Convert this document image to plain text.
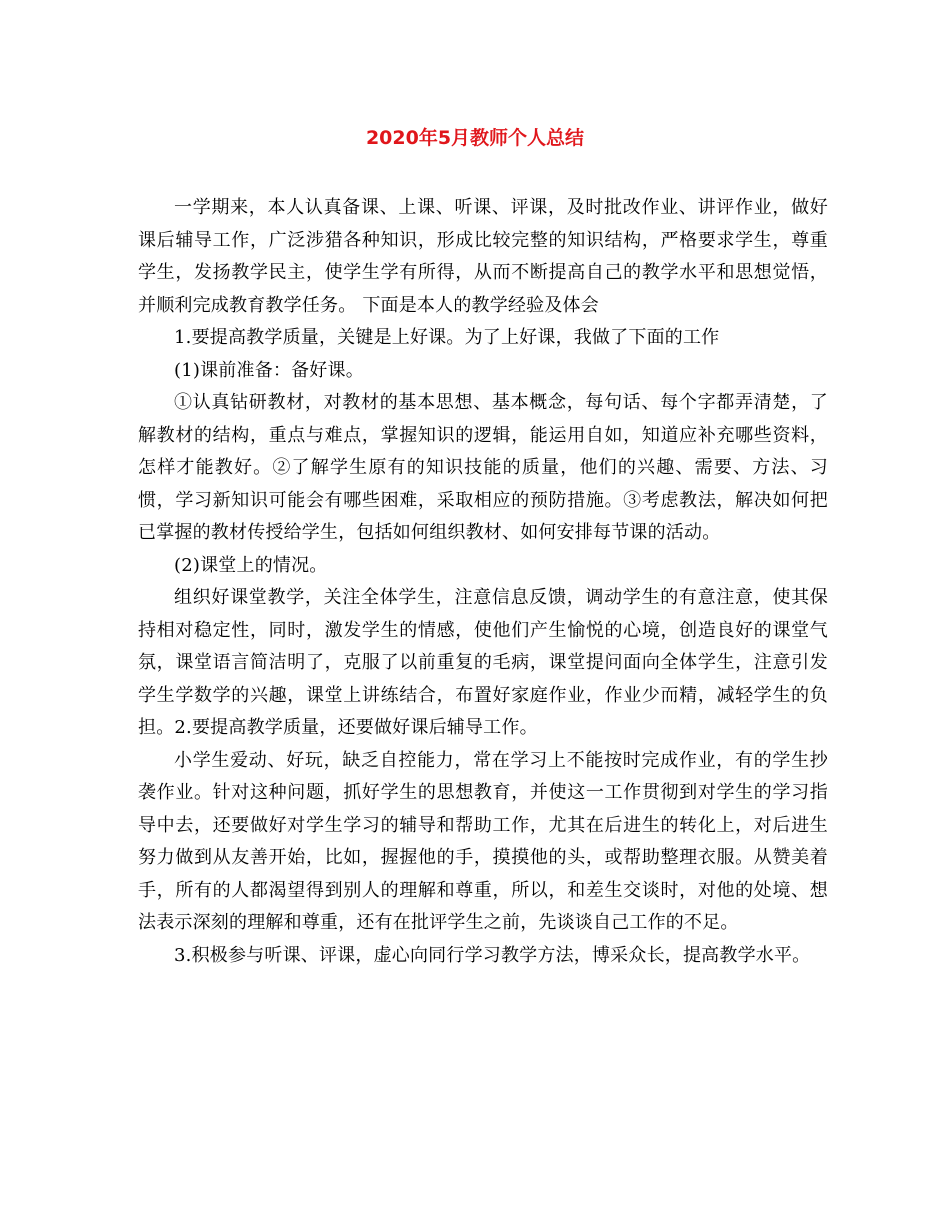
2020年5月教师个人总结

一学期来，本人认真备课、上课、听课、评课，及时批改作业、讲评作业，做好课后辅导工作，广泛涉猎各种知识，形成比较完整的知识结构，严格要求学生，尊重学生，发扬教学民主，使学生学有所得，从而不断提高自己的教学水平和思想觉悟，并顺利完成教育教学任务。 下面是本人的教学经验及体会

1.要提高教学质量，关键是上好课。为了上好课，我做了下面的工作

(1)课前准备：备好课。

①认真钻研教材，对教材的基本思想、基本概念，每句话、每个字都弄清楚，了解教材的结构，重点与难点，掌握知识的逻辑，能运用自如，知道应补充哪些资料，怎样才能教好。②了解学生原有的知识技能的质量，他们的兴趣、需要、方法、习惯，学习新知识可能会有哪些困难，采取相应的预防措施。③考虑教法，解决如何把已掌握的教材传授给学生，包括如何组织教材、如何安排每节课的活动。

(2)课堂上的情况。

组织好课堂教学，关注全体学生，注意信息反馈，调动学生的有意注意，使其保持相对稳定性，同时，激发学生的情感，使他们产生愉悦的心境，创造良好的课堂气氛，课堂语言简洁明了，克服了以前重复的毛病，课堂提问面向全体学生，注意引发学生学数学的兴趣，课堂上讲练结合，布置好家庭作业，作业少而精，减轻学生的负担。2.要提高教学质量，还要做好课后辅导工作。

小学生爱动、好玩，缺乏自控能力，常在学习上不能按时完成作业，有的学生抄袭作业。针对这种问题，抓好学生的思想教育，并使这一工作贯彻到对学生的学习指导中去，还要做好对学生学习的辅导和帮助工作，尤其在后进生的转化上，对后进生努力做到从友善开始，比如，握握他的手，摸摸他的头，或帮助整理衣服。从赞美着手，所有的人都渴望得到别人的理解和尊重，所以，和差生交谈时，对他的处境、想法表示深刻的理解和尊重，还有在批评学生之前，先谈谈自己工作的不足。

3.积极参与听课、评课，虚心向同行学习教学方法，博采众长，提高教学水平。
